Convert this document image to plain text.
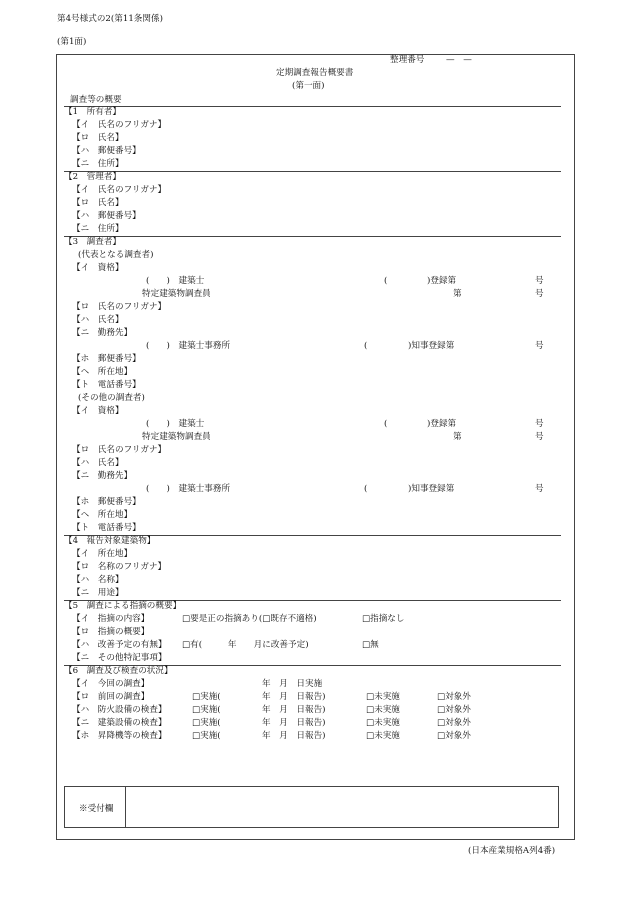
第4号様式の2(第11条関係)
(第1面)
整理番号	—　—
定期調査報告概要書
(第一面)
調査等の概要
【1　所有者】
【イ　氏名のフリガナ】
【ロ　氏名】
【ハ　郵便番号】
【ニ　住所】
【2　管理者】
【イ　氏名のフリガナ】
【ロ　氏名】
【ハ　郵便番号】
【ニ　住所】
【3　調査者】
(代表となる調査者)
【イ　資格】
(　　)　建築士	(	)登録第	号
特定建築物調査員	第	号
【ロ　氏名のフリガナ】
【ハ　氏名】
【ニ　勤務先】
(　　)　建築士事務所	(	)知事登録第	号
【ホ　郵便番号】
【ヘ　所在地】
【ト　電話番号】
(その他の調査者)
【イ　資格】
(　　)　建築士	(	)登録第	号
特定建築物調査員	第	号
【ロ　氏名のフリガナ】
【ハ　氏名】
【ニ　勤務先】
(　　)　建築士事務所	(	)知事登録第	号
【ホ　郵便番号】
【ヘ　所在地】
【ト　電話番号】
【4　報告対象建築物】
【イ　所在地】
【ロ　名称のフリガナ】
【ハ　名称】
【ニ　用途】
【5　調査による指摘の概要】
【イ　指摘の内容】	□要是正の指摘あり(□既存不適格)	□指摘なし
【ロ　指摘の概要】
【ハ　改善予定の有無】 □有(　　　年　　月に改善予定)	□無
【ニ　その他特記事項】
【6　調査及び検査の状況】
【イ　今回の調査】	年　月　日実施
【ロ　前回の調査】	□実施(	年　月　日報告)	□未実施	□対象外
【ハ　防火設備の検査】	□実施(	年　月　日報告)	□未実施	□対象外
【ニ　建築設備の検査】	□実施(	年　月　日報告)	□未実施	□対象外
【ホ　昇降機等の検査】	□実施(	年　月　日報告)	□未実施	□対象外
※受付欄
(日本産業規格A列4番)
